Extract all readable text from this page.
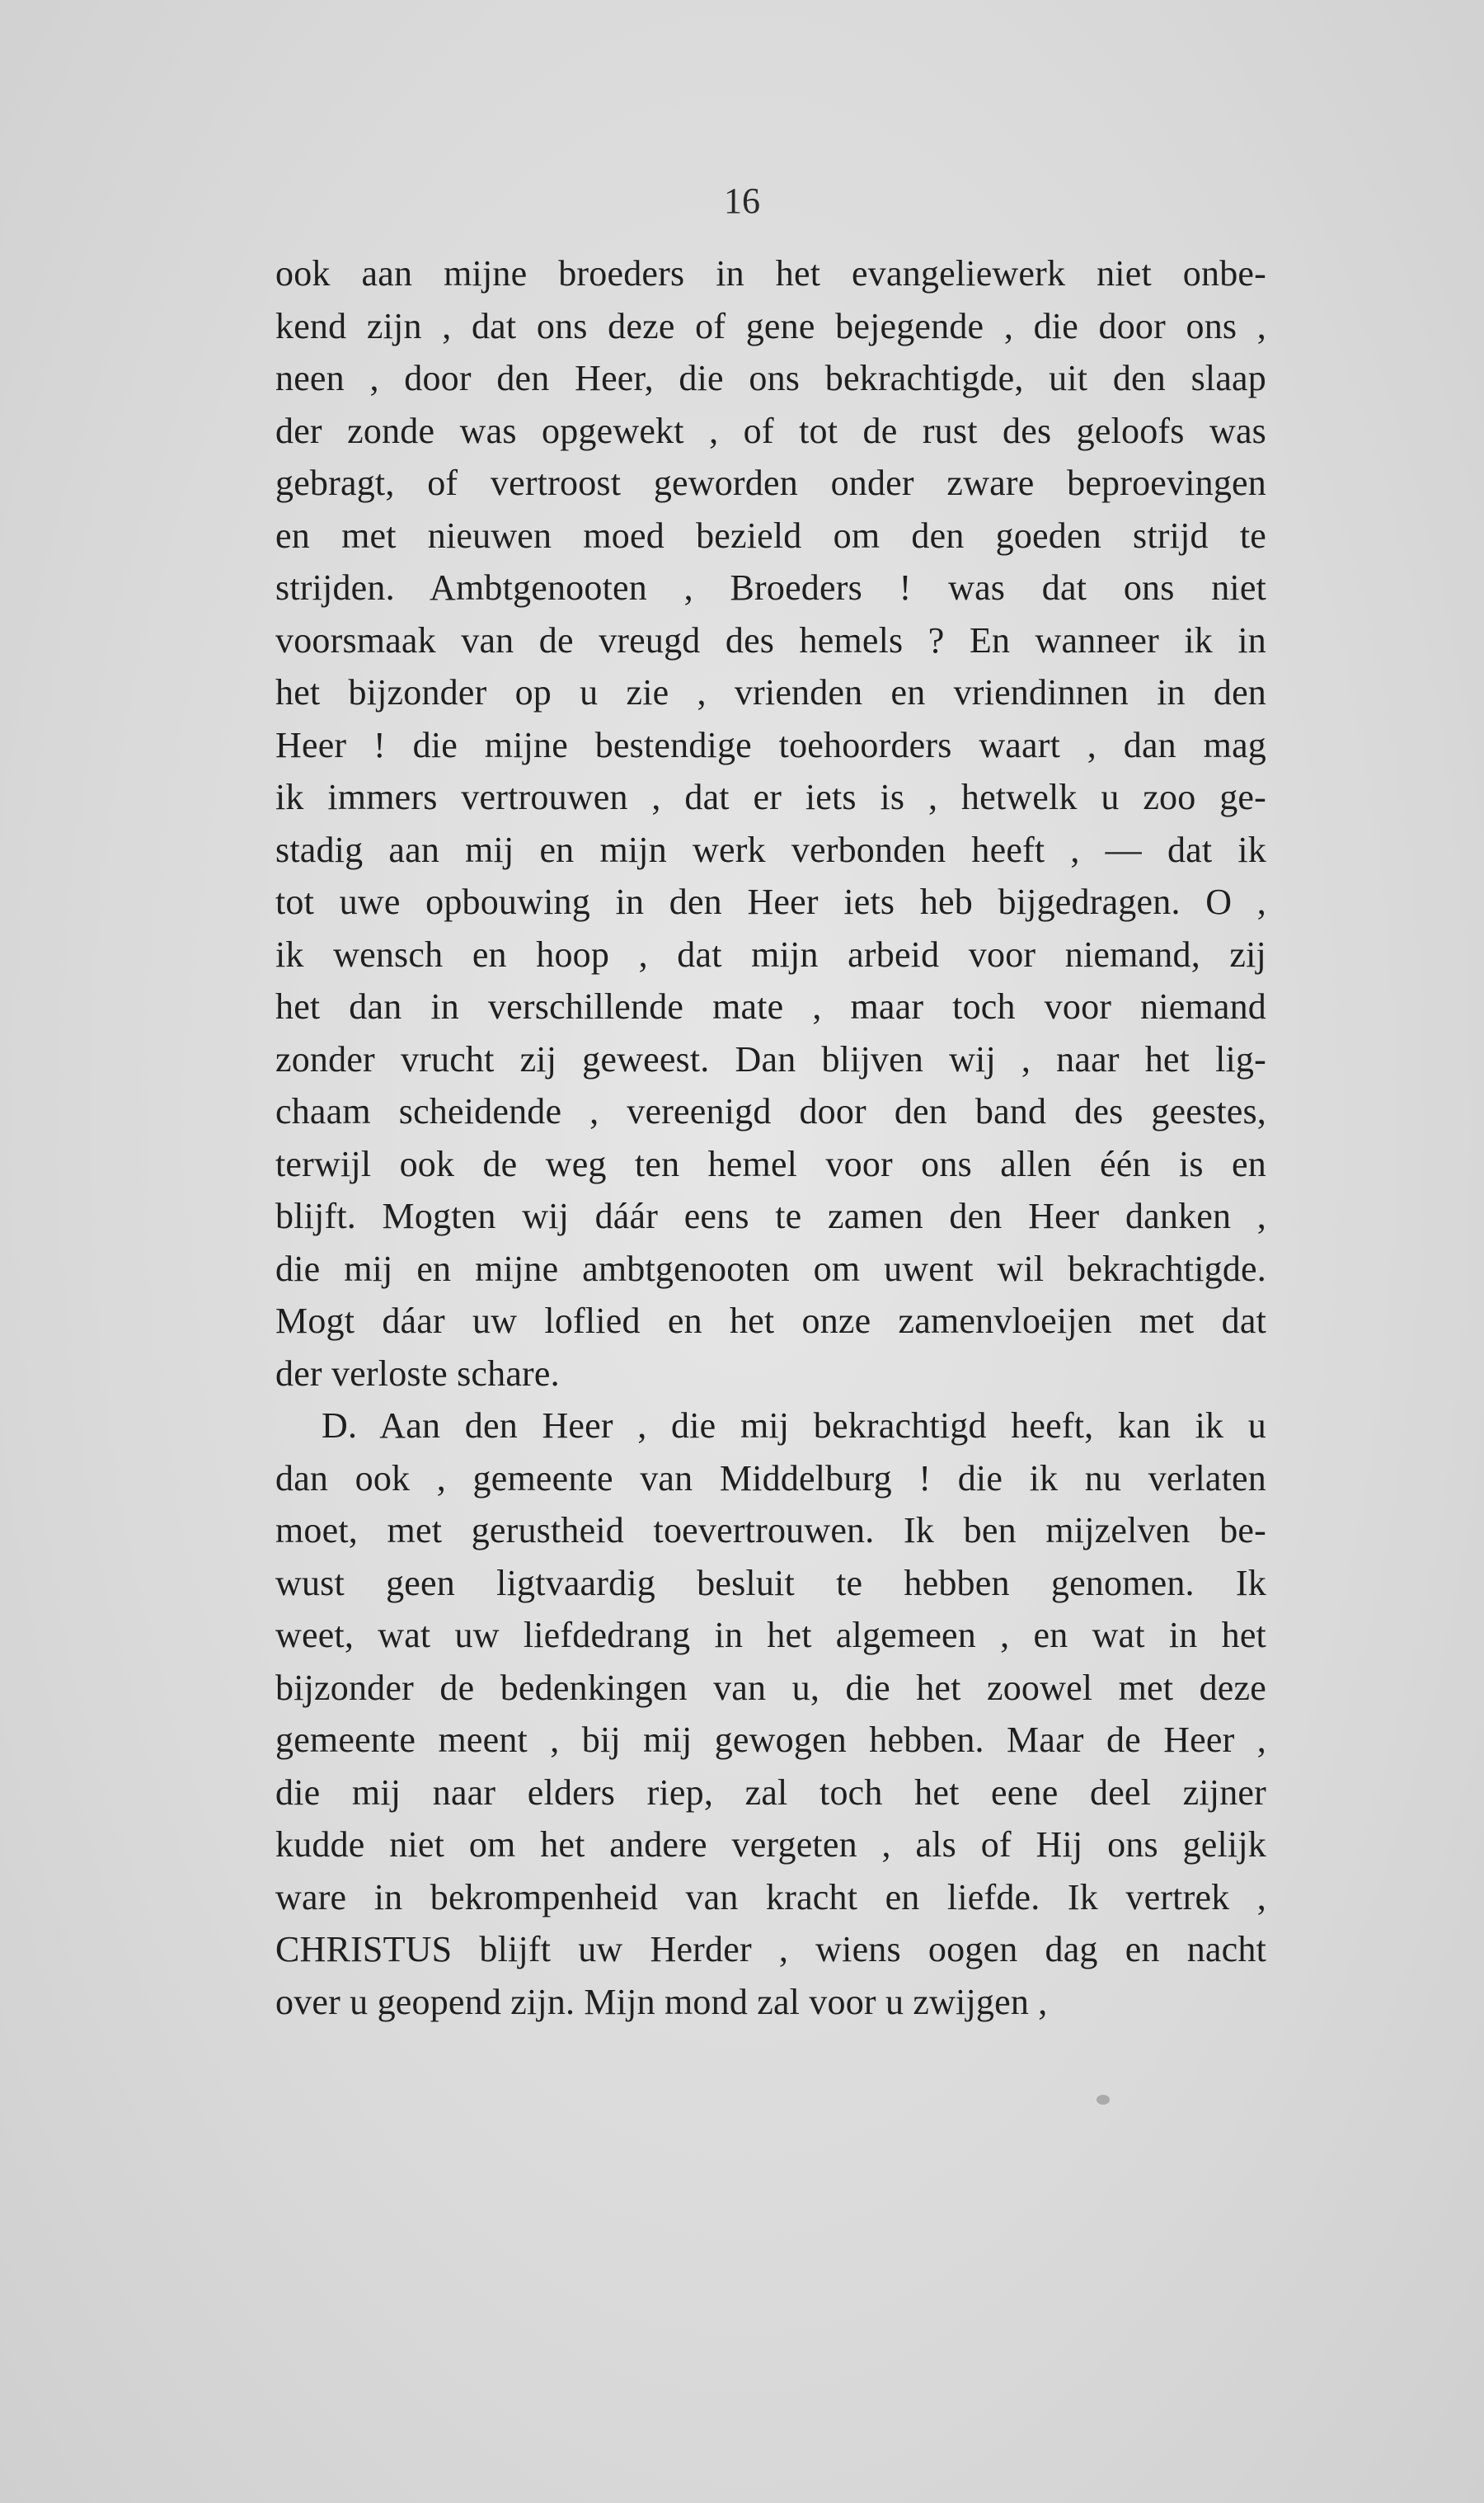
16
ook aan mijne broeders in het evangeliewerk niet onbe-
kend zijn , dat ons deze of gene bejegende , die door ons ,
neen , door den Heer, die ons bekrachtigde, uit den slaap
der zonde was opgewekt , of tot de rust des geloofs was
gebragt, of vertroost geworden onder zware beproevingen
en met nieuwen moed bezield om den goeden strijd te
strijden. Ambtgenooten , Broeders ! was dat ons niet
voorsmaak van de vreugd des hemels ? En wanneer ik in
het bijzonder op u zie , vrienden en vriendinnen in den
Heer ! die mijne bestendige toehoorders waart , dan mag
ik immers vertrouwen , dat er iets is , hetwelk u zoo ge-
stadig aan mij en mijn werk verbonden heeft , — dat ik
tot uwe opbouwing in den Heer iets heb bijgedragen. O ,
ik wensch en hoop , dat mijn arbeid voor niemand, zij
het dan in verschillende mate , maar toch voor niemand
zonder vrucht zij geweest. Dan blijven wij , naar het lig-
chaam scheidende , vereenigd door den band des geestes,
terwijl ook de weg ten hemel voor ons allen één is en
blijft. Mogten wij dáár eens te zamen den Heer danken ,
die mij en mijne ambtgenooten om uwent wil bekrachtigde.
Mogt dáar uw loflied en het onze zamenvloeijen met dat
der verloste schare.
D. Aan den Heer , die mij bekrachtigd heeft, kan ik u
dan ook , gemeente van Middelburg ! die ik nu verlaten
moet, met gerustheid toevertrouwen. Ik ben mijzelven be-
wust geen ligtvaardig besluit te hebben genomen. Ik
weet, wat uw liefdedrang in het algemeen , en wat in het
bijzonder de bedenkingen van u, die het zoowel met deze
gemeente meent , bij mij gewogen hebben. Maar de Heer ,
die mij naar elders riep, zal toch het eene deel zijner
kudde niet om het andere vergeten , als of Hij ons gelijk
ware in bekrompenheid van kracht en liefde. Ik vertrek ,
CHRISTUS blijft uw Herder , wiens oogen dag en nacht
over u geopend zijn. Mijn mond zal voor u zwijgen ,
